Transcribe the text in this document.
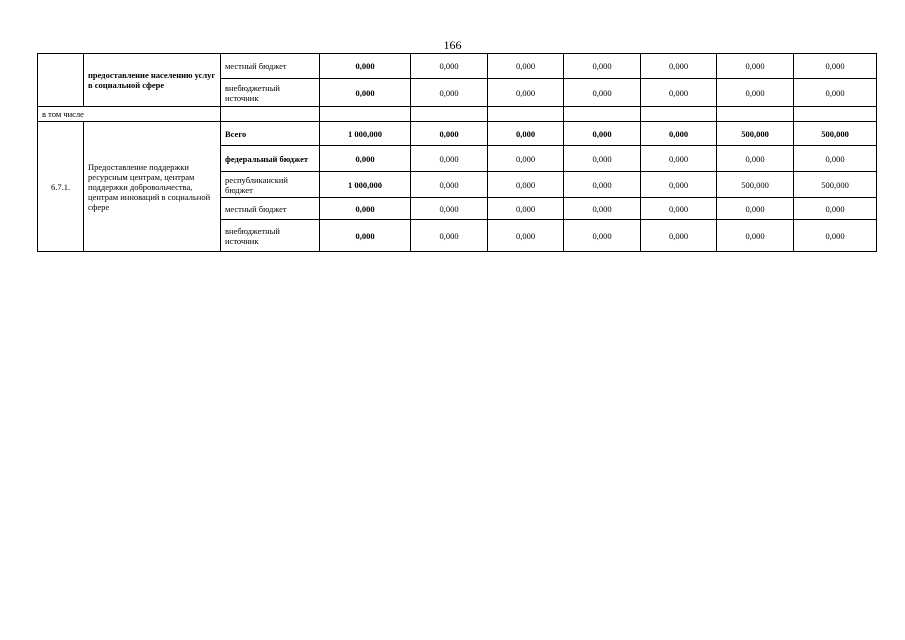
166
	предоставление населению услуг в социальной сфере	местный бюджет	0,000	0,000	0,000	0,000	0,000	0,000	0,000
		внебюджетный источник	0,000	0,000	0,000	0,000	0,000	0,000	0,000
в том числе									
6.7.1.	Предоставление поддержки ресурсным центрам, центрам поддержки добровольчества, центрам инноваций в социальной сфере	Всего	1 000,000	0,000	0,000	0,000	0,000	500,000	500,000
		федеральный бюджет	0,000	0,000	0,000	0,000	0,000	0,000	0,000
		республиканский бюджет	1 000,000	0,000	0,000	0,000	0,000	500,000	500,000
		местный бюджет	0,000	0,000	0,000	0,000	0,000	0,000	0,000
		внебюджетный источник	0,000	0,000	0,000	0,000	0,000	0,000	0,000
